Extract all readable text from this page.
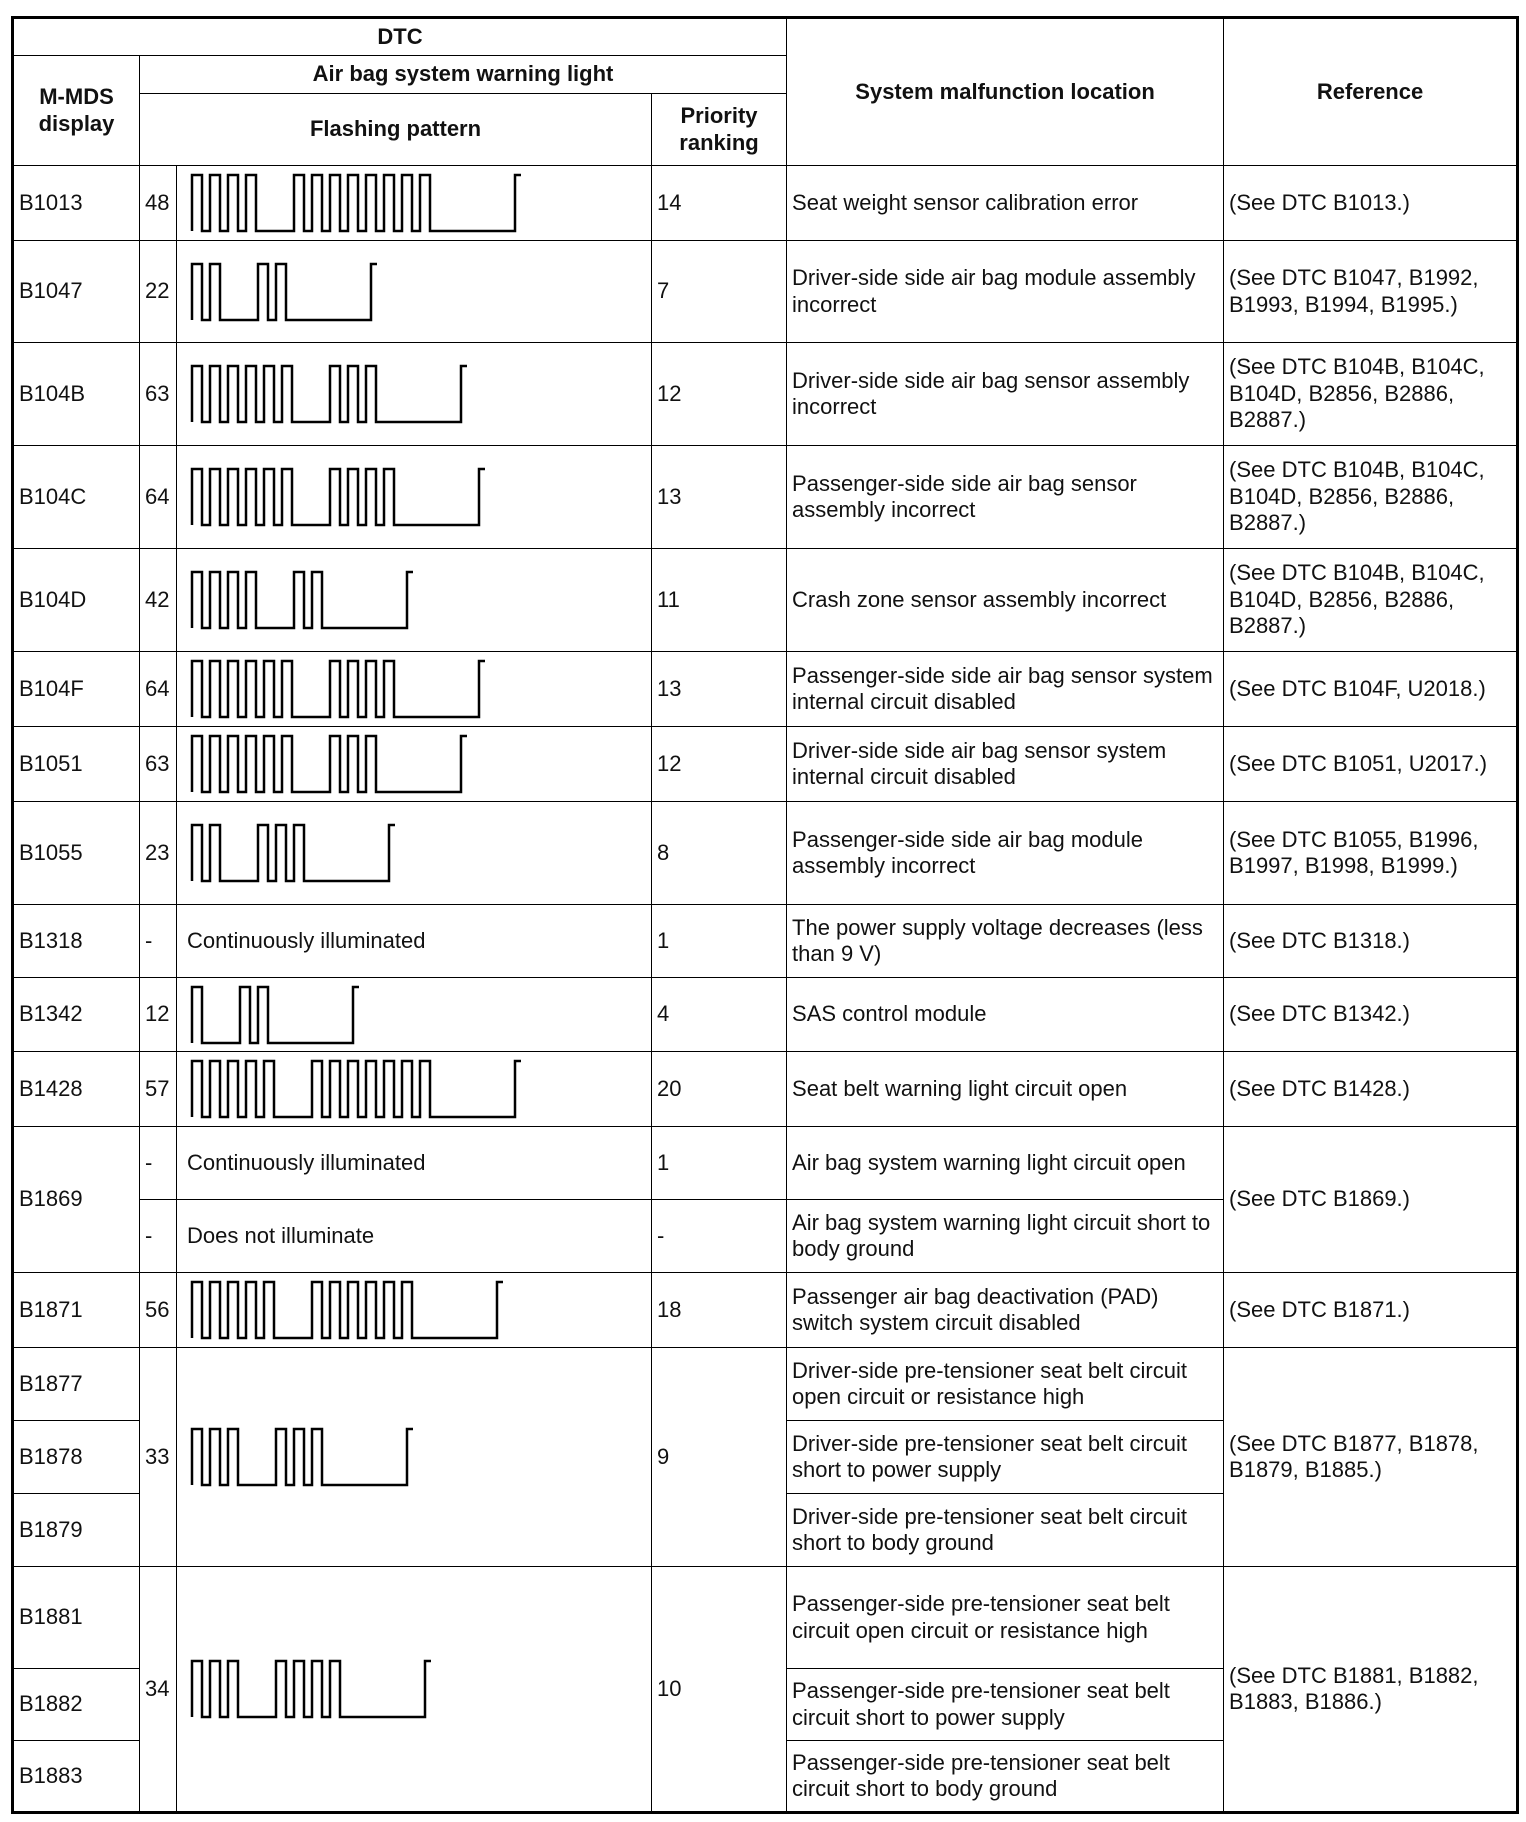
DTC				System malfunction location	Reference
M-MDS display	Air bag system warning light				
	Flashing pattern		Priority ranking		
B1013	48		14	Seat weight sensor calibration error	(See DTC B1013.)
B1047	22		7	Driver-side side air bag module assembly incorrect	(See DTC B1047, B1992, B1993, B1994, B1995.)
B104B	63		12	Driver-side side air bag sensor assembly incorrect	(See DTC B104B, B104C, B104D, B2856, B2886, B2887.)
B104C	64		13	Passenger-side side air bag sensor assembly incorrect	(See DTC B104B, B104C, B104D, B2856, B2886, B2887.)
B104D	42		11	Crash zone sensor assembly incorrect	(See DTC B104B, B104C, B104D, B2856, B2886, B2887.)
B104F	64		13	Passenger-side side air bag sensor system internal circuit disabled	(See DTC B104F, U2018.)
B1051	63		12	Driver-side side air bag sensor system internal circuit disabled	(See DTC B1051, U2017.)
B1055	23		8	Passenger-side side air bag module assembly incorrect	(See DTC B1055, B1996, B1997, B1998, B1999.)
B1318	-	Continuously illuminated	1	The power supply voltage decreases (less than 9 V)	(See DTC B1318.)
B1342	12		4	SAS control module	(See DTC B1342.)
B1428	57		20	Seat belt warning light circuit open	(See DTC B1428.)
B1869	-	Continuously illuminated	1	Air bag system warning light circuit open	(See DTC B1869.)
	-	Does not illuminate	-	Air bag system warning light circuit short to body ground	
B1871	56		18	Passenger air bag deactivation (PAD) switch system circuit disabled	(See DTC B1871.)
B1877	33		9	Driver-side pre-tensioner seat belt circuit open circuit or resistance high	(See DTC B1877, B1878, B1879, B1885.)
B1878				Driver-side pre-tensioner seat belt circuit short to power supply	
B1879				Driver-side pre-tensioner seat belt circuit short to body ground	
B1881	34		10	Passenger-side pre-tensioner seat belt circuit open circuit or resistance high	(See DTC B1881, B1882, B1883, B1886.)
B1882				Passenger-side pre-tensioner seat belt circuit short to power supply	
B1883				Passenger-side pre-tensioner seat belt circuit short to body ground	
